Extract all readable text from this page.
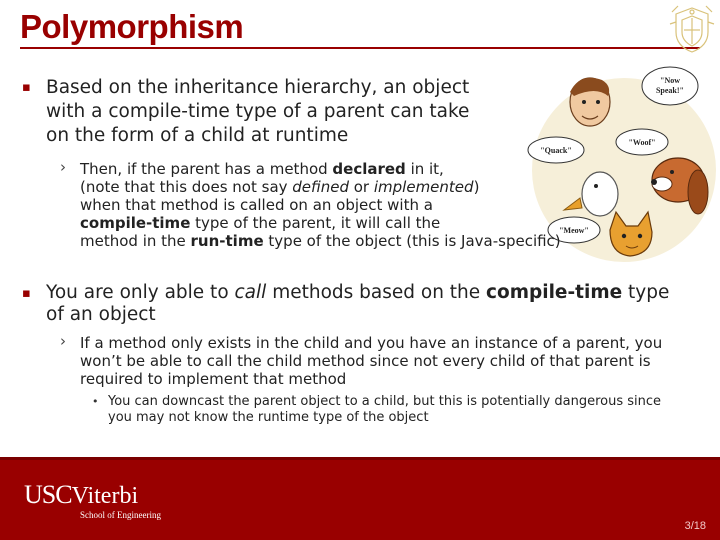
Polymorphism
"Now
Speak!"
"Quack"
"Woof"
"Meow"
▪ Based on the inheritance hierarchy, an object
with a compile-time type of a parent can take
on the form of a child at runtime
› Then, if the parent has a method declared in it,
(note that this does not say defined or implemented)
when that method is called on an object with a
compile-time type of the parent, it will call the
method in the run-time type of the object (this is Java-specific)
▪ You are only able to call methods based on the compile-time type
of an object
› If a method only exists in the child and you have an instance of a parent, you
won’t be able to call the child method since not every child of that parent is
required to implement that method
• You can downcast the parent object to a child, but this is potentially dangerous since
you may not know the runtime type of the object
USCViterbi
School of Engineering
3/18
